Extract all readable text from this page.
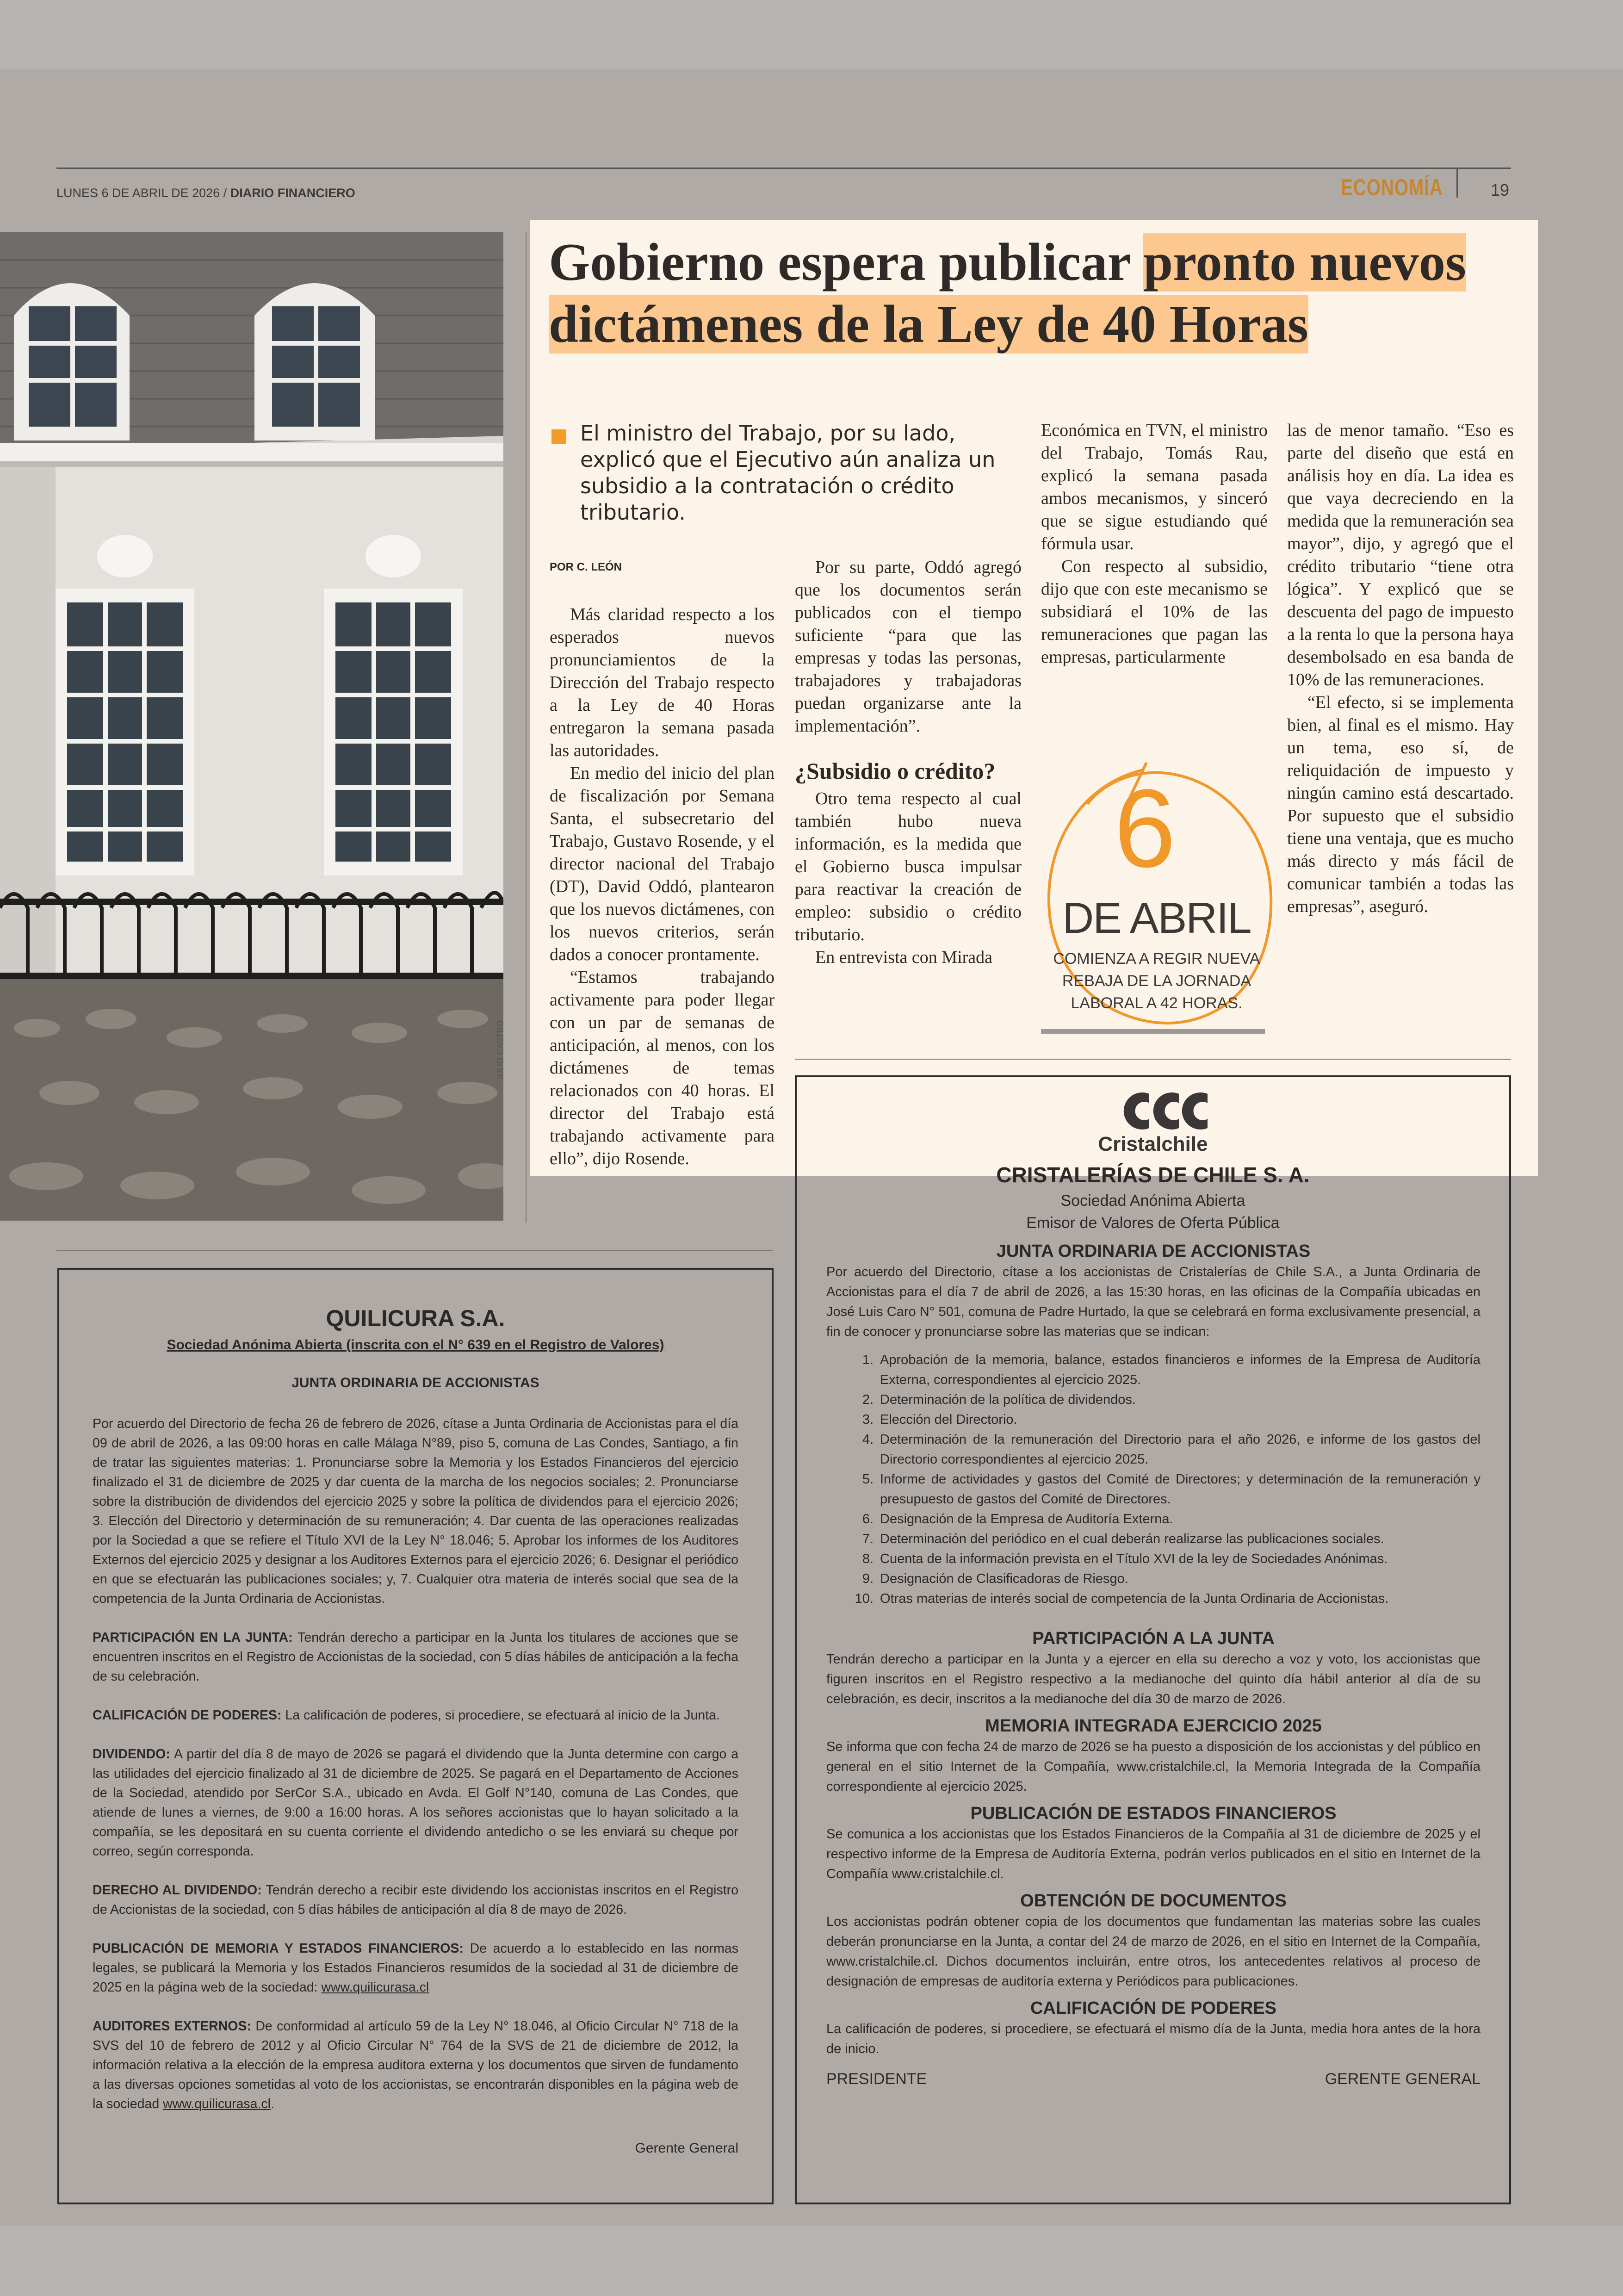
LUNES 6 DE ABRIL DE 2026 / DIARIO FINANCIERO	ECONOMÍA	19
JULIO CASTRO
Gobierno espera publicar pronto nuevos
dictámenes de la Ley de 40 Horas
El ministro del Trabajo, por su lado, explicó que el Ejecutivo aún analiza un subsidio a la contratación o crédito tributario.
POR C. LEÓN

Más claridad respecto a los esperados nuevos pronunciamientos de la Dirección del Trabajo respecto a la Ley de 40 Horas entregaron la semana pasada las autoridades.

En medio del inicio del plan de fiscalización por Semana Santa, el subsecretario del Trabajo, Gustavo Rosende, y el director nacional del Trabajo (DT), David Oddó, plantearon que los nuevos dictámenes, con los nuevos criterios, serán dados a conocer prontamente.

“Estamos trabajando activamente para poder llegar con un par de semanas de anticipación, al menos, con los dictámenes de temas relacionados con 40 horas. El director del Trabajo está trabajando activamente para ello”, dijo Rosende.

Por su parte, Oddó agregó que los documentos serán publicados con el tiempo suficiente “para que las empresas y todas las personas, trabajadores y trabajadoras puedan organizarse ante la implementación”.

¿Subsidio o crédito?

Otro tema respecto al cual también hubo nueva información, es la medida que el Gobierno busca impulsar para reactivar la creación de empleo: subsidio o crédito tributario.

En entrevista con Mirada

Económica en TVN, el ministro del Trabajo, Tomás Rau, explicó la semana pasada ambos mecanismos, y sinceró que se sigue estudiando qué fórmula usar.

Con respecto al subsidio, dijo que con este mecanismo se subsidiará el 10% de las remuneraciones que pagan las empresas, particularmente

las de menor tamaño. “Eso es parte del diseño que está en análisis hoy en día. La idea es que vaya decreciendo en la medida que la remuneración sea mayor”, dijo, y agregó que el crédito tributario “tiene otra lógica”. Y explicó que se descuenta del pago de impuesto a la renta lo que la persona haya desembolsado en esa banda de 10% de las remuneraciones.

“El efecto, si se implementa bien, al final es el mismo. Hay un tema, eso sí, de reliquidación de impuesto y ningún camino está descartado. Por supuesto que el subsidio tiene una ventaja, que es mucho más directo y más fácil de comunicar también a todas las empresas”, aseguró.

6
DE ABRIL
COMIENZA A REGIR NUEVA REBAJA DE LA JORNADA LABORAL A 42 HORAS.
QUILICURA S.A.
Sociedad Anónima Abierta (inscrita con el N° 639 en el Registro de Valores)
JUNTA ORDINARIA DE ACCIONISTAS

Por acuerdo del Directorio de fecha 26 de febrero de 2026, cítase a Junta Ordinaria de Accionistas para el día 09 de abril de 2026, a las 09:00 horas en calle Málaga N°89, piso 5, comuna de Las Condes, Santiago, a fin de tratar las siguientes materias: 1. Pronunciarse sobre la Memoria y los Estados Financieros del ejercicio finalizado el 31 de diciembre de 2025 y dar cuenta de la marcha de los negocios sociales; 2. Pronunciarse sobre la distribución de dividendos del ejercicio 2025 y sobre la política de dividendos para el ejercicio 2026; 3. Elección del Directorio y determinación de su remuneración; 4. Dar cuenta de las operaciones realizadas por la Sociedad a que se refiere el Título XVI de la Ley N° 18.046; 5. Aprobar los informes de los Auditores Externos del ejercicio 2025 y designar a los Auditores Externos para el ejercicio 2026; 6. Designar el periódico en que se efectuarán las publicaciones sociales; y, 7. Cualquier otra materia de interés social que sea de la competencia de la Junta Ordinaria de Accionistas.

PARTICIPACIÓN EN LA JUNTA: Tendrán derecho a participar en la Junta los titulares de acciones que se encuentren inscritos en el Registro de Accionistas de la sociedad, con 5 días hábiles de anticipación a la fecha de su celebración.

CALIFICACIÓN DE PODERES: La calificación de poderes, si procediere, se efectuará al inicio de la Junta.

DIVIDENDO: A partir del día 8 de mayo de 2026 se pagará el dividendo que la Junta determine con cargo a las utilidades del ejercicio finalizado al 31 de diciembre de 2025. Se pagará en el Departamento de Acciones de la Sociedad, atendido por SerCor S.A., ubicado en Avda. El Golf N°140, comuna de Las Condes, que atiende de lunes a viernes, de 9:00 a 16:00 horas. A los señores accionistas que lo hayan solicitado a la compañía, se les depositará en su cuenta corriente el dividendo antedicho o se les enviará su cheque por correo, según corresponda.

DERECHO AL DIVIDENDO: Tendrán derecho a recibir este dividendo los accionistas inscritos en el Registro de Accionistas de la sociedad, con 5 días hábiles de anticipación al día 8 de mayo de 2026.

PUBLICACIÓN DE MEMORIA Y ESTADOS FINANCIEROS: De acuerdo a lo establecido en las normas legales, se publicará la Memoria y los Estados Financieros resumidos de la sociedad al 31 de diciembre de 2025 en la página web de la sociedad: www.quilicurasa.cl

AUDITORES EXTERNOS: De conformidad al artículo 59 de la Ley N° 18.046, al Oficio Circular N° 718 de la SVS del 10 de febrero de 2012 y al Oficio Circular N° 764 de la SVS de 21 de diciembre de 2012, la información relativa a la elección de la empresa auditora externa y los documentos que sirven de fundamento a las diversas opciones sometidas al voto de los accionistas, se encontrarán disponibles en la página web de la sociedad www.quilicurasa.cl.

Gerente General
Cristalchile
CRISTALERÍAS DE CHILE S. A.
Sociedad Anónima Abierta
Emisor de Valores de Oferta Pública
JUNTA ORDINARIA DE ACCIONISTAS

Por acuerdo del Directorio, cítase a los accionistas de Cristalerías de Chile S.A., a Junta Ordinaria de Accionistas para el día 7 de abril de 2026, a las 15:30 horas, en las oficinas de la Compañía ubicadas en José Luis Caro N° 501, comuna de Padre Hurtado, la que se celebrará en forma exclusivamente presencial, a fin de conocer y pronunciarse sobre las materias que se indican:

1. Aprobación de la memoria, balance, estados financieros e informes de la Empresa de Auditoría Externa, correspondientes al ejercicio 2025.
2. Determinación de la política de dividendos.
3. Elección del Directorio.
4. Determinación de la remuneración del Directorio para el año 2026, e informe de los gastos del Directorio correspondientes al ejercicio 2025.
5. Informe de actividades y gastos del Comité de Directores; y determinación de la remuneración y presupuesto de gastos del Comité de Directores.
6. Designación de la Empresa de Auditoría Externa.
7. Determinación del periódico en el cual deberán realizarse las publicaciones sociales.
8. Cuenta de la información prevista en el Título XVI de la ley de Sociedades Anónimas.
9. Designación de Clasificadoras de Riesgo.
10. Otras materias de interés social de competencia de la Junta Ordinaria de Accionistas.
PARTICIPACIÓN A LA JUNTA

Tendrán derecho a participar en la Junta y a ejercer en ella su derecho a voz y voto, los accionistas que figuren inscritos en el Registro respectivo a la medianoche del quinto día hábil anterior al día de su celebración, es decir, inscritos a la medianoche del día 30 de marzo de 2026.

MEMORIA INTEGRADA EJERCICIO 2025

Se informa que con fecha 24 de marzo de 2026 se ha puesto a disposición de los accionistas y del público en general en el sitio Internet de la Compañía, www.cristalchile.cl, la Memoria Integrada de la Compañía correspondiente al ejercicio 2025.

PUBLICACIÓN DE ESTADOS FINANCIEROS

Se comunica a los accionistas que los Estados Financieros de la Compañía al 31 de diciembre de 2025 y el respectivo informe de la Empresa de Auditoría Externa, podrán verlos publicados en el sitio en Internet de la Compañía www.cristalchile.cl.

OBTENCIÓN DE DOCUMENTOS

Los accionistas podrán obtener copia de los documentos que fundamentan las materias sobre las cuales deberán pronunciarse en la Junta, a contar del 24 de marzo de 2026, en el sitio en Internet de la Compañía, www.cristalchile.cl. Dichos documentos incluirán, entre otros, los antecedentes relativos al proceso de designación de empresas de auditoría externa y Periódicos para publicaciones.

CALIFICACIÓN DE PODERES

La calificación de poderes, si procediere, se efectuará el mismo día de la Junta, media hora antes de la hora de inicio.

PRESIDENTE	GERENTE GENERAL
